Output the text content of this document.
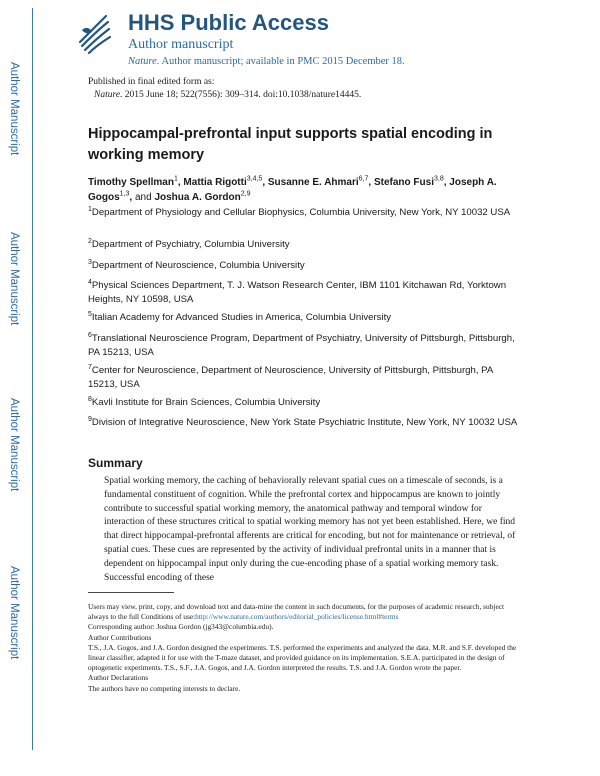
Author Manuscript
Author Manuscript
Author Manuscript
Author Manuscript
HHS Public Access
Author manuscript
Nature. Author manuscript; available in PMC 2015 December 18.
Published in final edited form as:
Nature. 2015 June 18; 522(7556): 309–314. doi:10.1038/nature14445.
Hippocampal-prefrontal input supports spatial encoding in working memory
Timothy Spellman$^1$, Mattia Rigotti$^{3,4,5}$, Susanne E. Ahmari$^{6,7}$, Stefano Fusi$^{3,8}$, Joseph A. Gogos$^{1,3}$, and Joshua A. Gordon$^{2,9}$
$^1$Department of Physiology and Cellular Biophysics, Columbia University, New York, NY 10032 USA
$^2$Department of Psychiatry, Columbia University
$^3$Department of Neuroscience, Columbia University
$^4$Physical Sciences Department, T. J. Watson Research Center, IBM 1101 Kitchawan Rd, Yorktown Heights, NY 10598, USA
$^5$Italian Academy for Advanced Studies in America, Columbia University
$^6$Translational Neuroscience Program, Department of Psychiatry, University of Pittsburgh, Pittsburgh, PA 15213, USA
$^7$Center for Neuroscience, Department of Neuroscience, University of Pittsburgh, Pittsburgh, PA 15213, USA
$^8$Kavli Institute for Brain Sciences, Columbia University
$^9$Division of Integrative Neuroscience, New York State Psychiatric Institute, New York, NY 10032 USA
Summary
Spatial working memory, the caching of behaviorally relevant spatial cues on a timescale of seconds, is a fundamental constituent of cognition. While the prefrontal cortex and hippocampus are known to jointly contribute to successful spatial working memory, the anatomical pathway and temporal window for interaction of these structures critical to spatial working memory has not yet been established. Here, we find that direct hippocampal-prefrontal afferents are critical for encoding, but not for maintenance or retrieval, of spatial cues. These cues are represented by the activity of individual prefrontal units in a manner that is dependent on hippocampal input only during the cue-encoding phase of a spatial working memory task. Successful encoding of these
Users may view, print, copy, and download text and data-mine the content in such documents, for the purposes of academic research, subject always to the full Conditions of use:http://www.nature.com/authors/editorial_policies/license.html#terms
Corresponding author: Joshua Gordon (jg343@columbia.edu).
Author Contributions
T.S., J.A. Gogos, and J.A. Gordon designed the experiments. T.S. performed the experiments and analyzed the data. M.R. and S.F. developed the linear classifier, adapted it for use with the T-maze dataset, and provided guidance on its implementation. S.E.A. participated in the design of optogenetic experiments. T.S., S.F., J.A. Gogos, and J.A. Gordon interpreted the results. T.S. and J.A. Gordon wrote the paper.
Author Declarations
The authors have no competing interests to declare.
